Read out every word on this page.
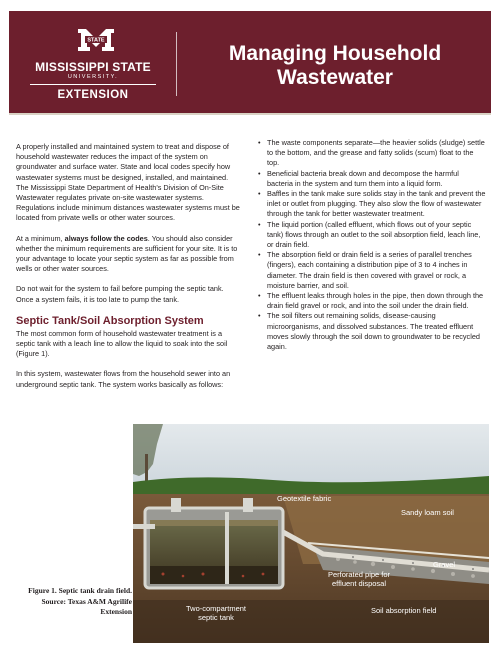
STATE
MISSISSIPPI STATE
UNIVERSITY.
EXTENSION
Managing Household Wastewater

A properly installed and maintained system to treat and dispose of household wastewater reduces the impact of the system on groundwater and surface water. State and local codes specify how wastewater systems must be designed, installed, and maintained. The Mississippi State Department of Health's Division of On-Site Wastewater regulates private on-site wastewater systems. Regulations include minimum distances wastewater systems must be located from private wells or other water sources.

At a minimum, always follow the codes. You should also consider whether the minimum requirements are sufficient for your site. It is to your advantage to locate your septic system as far as possible from wells or other water sources.

Do not wait for the system to fail before pumping the septic tank. Once a system fails, it is too late to pump the tank.

Septic Tank/Soil Absorption System

The most common form of household wastewater treatment is a septic tank with a leach line to allow the liquid to soak into the soil (Figure 1).

In this system, wastewater flows from the household sewer into an underground septic tank. The system works basically as follows:

• The waste components separate—the heavier solids (sludge) settle to the bottom, and the grease and fatty solids (scum) float to the top.
• Beneficial bacteria break down and decompose the harmful bacteria in the system and turn them into a liquid form.
• Baffles in the tank make sure solids stay in the tank and prevent the inlet or outlet from plugging. They also slow the flow of wastewater through the tank for better wastewater treatment.
• The liquid portion (called effluent, which flows out of your septic tank) flows through an outlet to the soil absorption field, leach line, or drain field.
• The absorption field or drain field is a series of parallel trenches (fingers), each containing a distribution pipe of 3 to 4 inches in diameter. The drain field is then covered with gravel or rock, a moisture barrier, and soil.
• The effluent leaks through holes in the pipe, then down through the drain field gravel or rock, and into the soil under the drain field.
• The soil filters out remaining solids, disease-causing microorganisms, and dissolved substances. The treated effluent moves slowly through the soil down to groundwater to be recycled again.
Figure 1. Septic tank drain field. Source: Texas A&M Agrilife Extension
Geotextile fabric
Sandy loam soil
Gravel
Perforated pipe for effluent disposal
Two-compartment septic tank
Soil absorption field
